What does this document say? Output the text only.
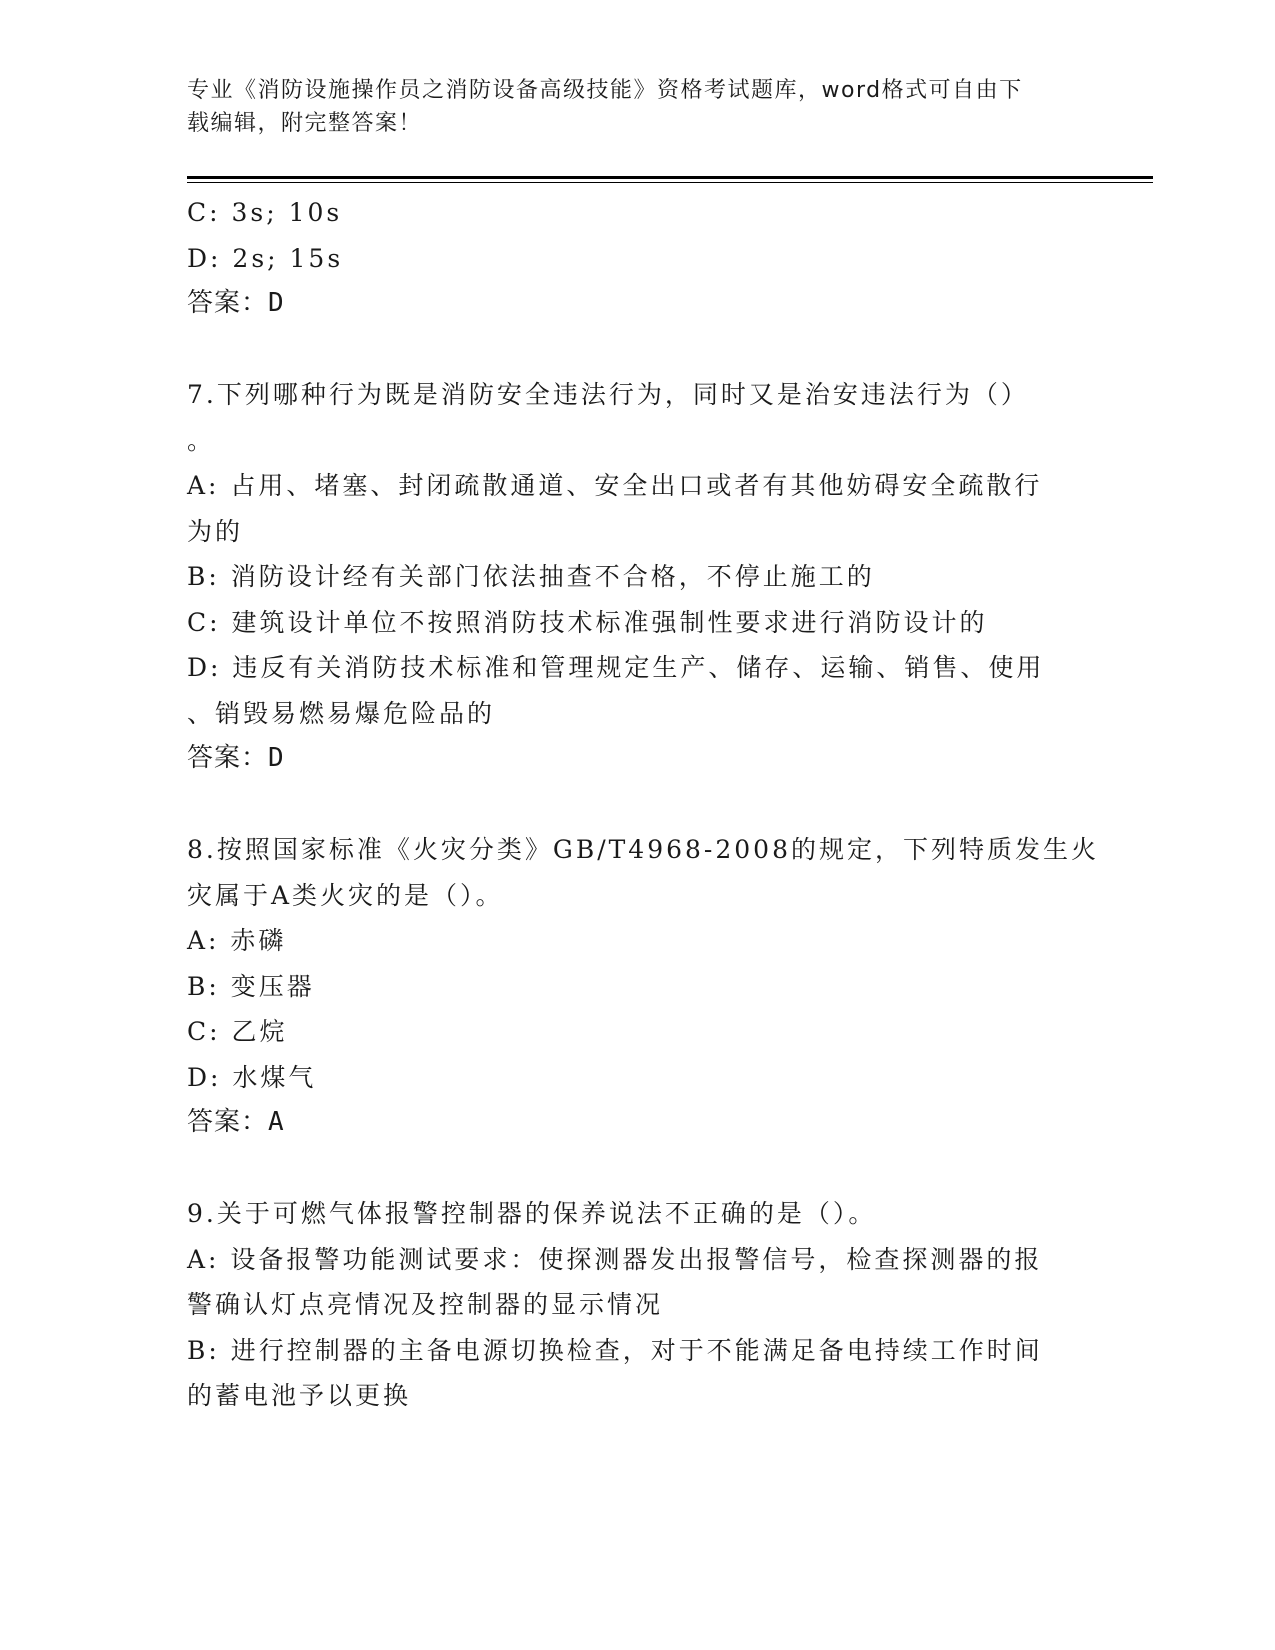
专业《消防设施操作员之消防设备高级技能》资格考试题库，word格式可自由下
载编辑，附完整答案！
C: 3s; 10s
D: 2s; 15s
答案：D
7.下列哪种行为既是消防安全违法行为，同时又是治安违法行为（）
。
A: 占用、堵塞、封闭疏散通道、安全出口或者有其他妨碍安全疏散行
为的
B: 消防设计经有关部门依法抽查不合格，不停止施工的
C: 建筑设计单位不按照消防技术标准强制性要求进行消防设计的
D: 违反有关消防技术标准和管理规定生产、储存、运输、销售、使用
、销毁易燃易爆危险品的
答案：D
8.按照国家标准《火灾分类》GB/T4968-2008的规定，下列特质发生火
灾属于A类火灾的是（）。
A: 赤磷
B: 变压器
C: 乙烷
D: 水煤气
答案：A
9.关于可燃气体报警控制器的保养说法不正确的是（）。
A: 设备报警功能测试要求：使探测器发出报警信号，检查探测器的报
警确认灯点亮情况及控制器的显示情况
B: 进行控制器的主备电源切换检查，对于不能满足备电持续工作时间
的蓄电池予以更换
